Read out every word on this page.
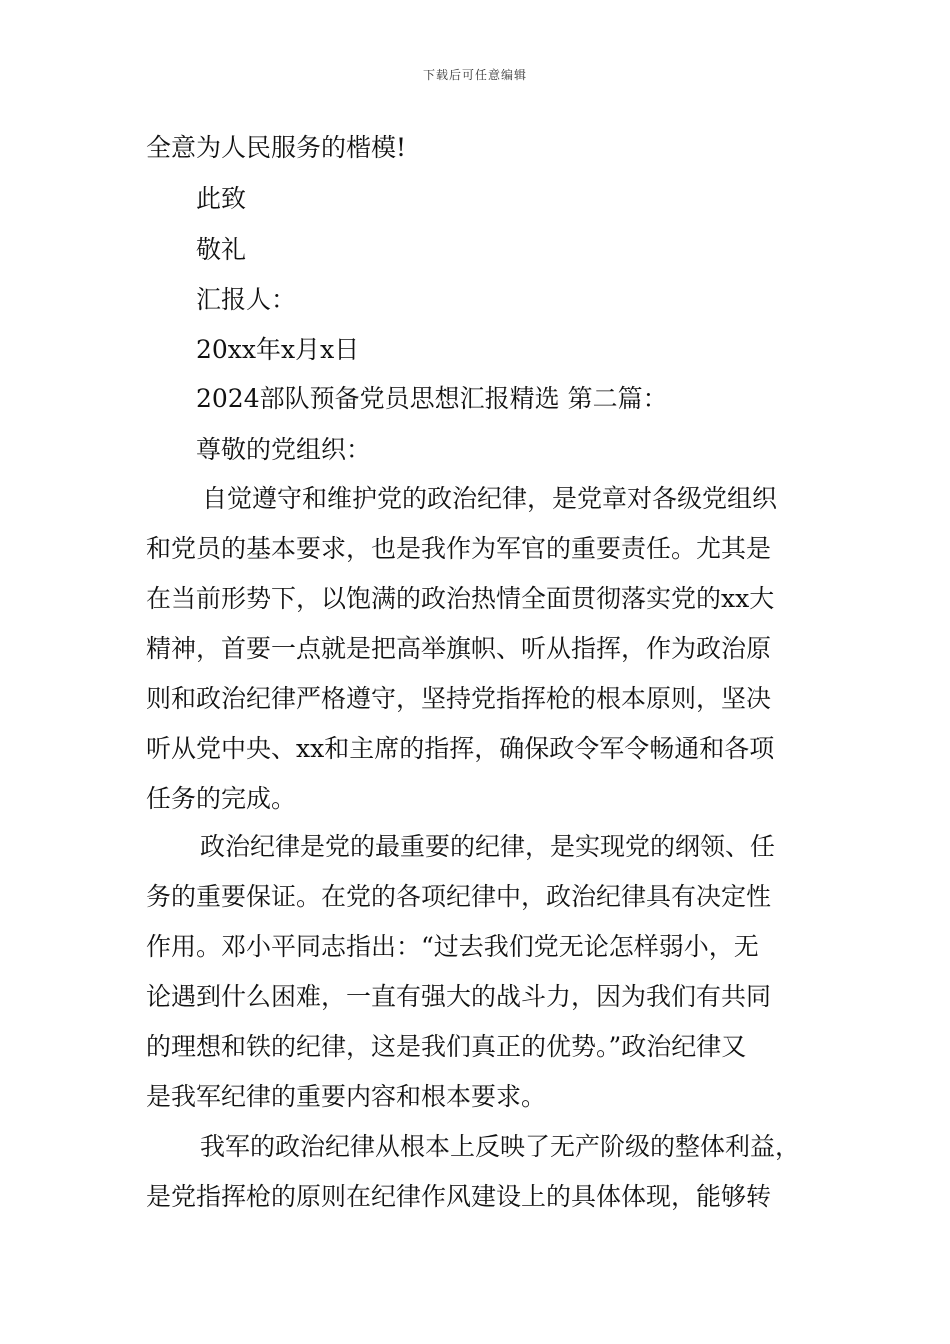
下载后可任意编辑
全意为人民服务的楷模!
此致
敬礼
汇报人：
20xx年x月x日
2024部队预备党员思想汇报精选 第二篇：
尊敬的党组织：
自觉遵守和维护党的政治纪律，是党章对各级党组织
和党员的基本要求，也是我作为军官的重要责任。尤其是
在当前形势下，以饱满的政治热情全面贯彻落实党的xx大
精神，首要一点就是把高举旗帜、听从指挥，作为政治原
则和政治纪律严格遵守，坚持党指挥枪的根本原则，坚决
听从党中央、xx和主席的指挥，确保政令军令畅通和各项
任务的完成。
政治纪律是党的最重要的纪律，是实现党的纲领、任
务的重要保证。在党的各项纪律中，政治纪律具有决定性
作用。邓小平同志指出：“过去我们党无论怎样弱小，无
论遇到什么困难，一直有强大的战斗力，因为我们有共同
的理想和铁的纪律，这是我们真正的优势。”政治纪律又
是我军纪律的重要内容和根本要求。
我军的政治纪律从根本上反映了无产阶级的整体利益，
是党指挥枪的原则在纪律作风建设上的具体体现，能够转
